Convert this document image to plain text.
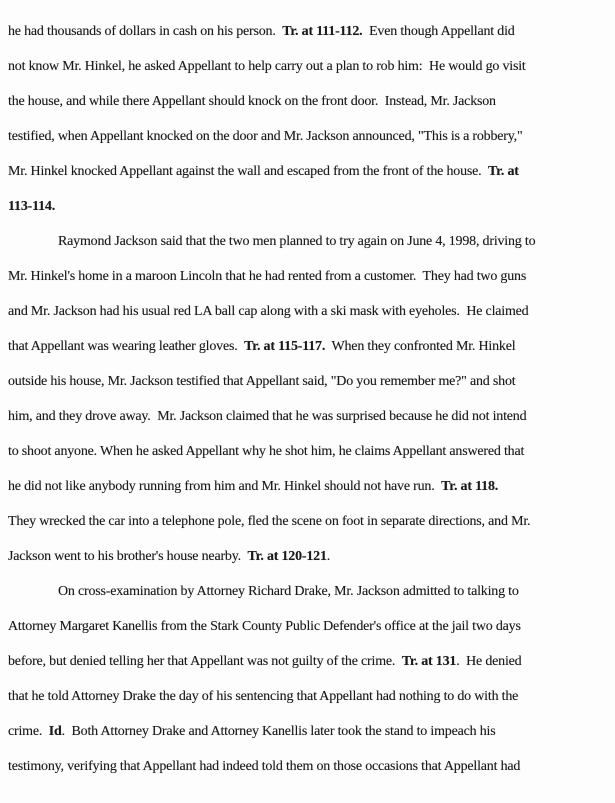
he had thousands of dollars in cash on his person.  Tr. at 111-112.  Even though Appellant did
not know Mr. Hinkel, he asked Appellant to help carry out a plan to rob him:  He would go visit
the house, and while there Appellant should knock on the front door.  Instead, Mr. Jackson
testified, when Appellant knocked on the door and Mr. Jackson announced, "This is a robbery,"
Mr. Hinkel knocked Appellant against the wall and escaped from the front of the house.  Tr. at
113-114.
Raymond Jackson said that the two men planned to try again on June 4, 1998, driving to
Mr. Hinkel's home in a maroon Lincoln that he had rented from a customer.  They had two guns
and Mr. Jackson had his usual red LA ball cap along with a ski mask with eyeholes.  He claimed
that Appellant was wearing leather gloves.  Tr. at 115-117.  When they confronted Mr. Hinkel
outside his house, Mr. Jackson testified that Appellant said, "Do you remember me?" and shot
him, and they drove away.  Mr. Jackson claimed that he was surprised because he did not intend
to shoot anyone. When he asked Appellant why he shot him, he claims Appellant answered that
he did not like anybody running from him and Mr. Hinkel should not have run.  Tr. at 118.
They wrecked the car into a telephone pole, fled the scene on foot in separate directions, and Mr.
Jackson went to his brother's house nearby.  Tr. at 120-121.
On cross-examination by Attorney Richard Drake, Mr. Jackson admitted to talking to
Attorney Margaret Kanellis from the Stark County Public Defender's office at the jail two days
before, but denied telling her that Appellant was not guilty of the crime.  Tr. at 131.  He denied
that he told Attorney Drake the day of his sentencing that Appellant had nothing to do with the
crime.  Id.  Both Attorney Drake and Attorney Kanellis later took the stand to impeach his
testimony, verifying that Appellant had indeed told them on those occasions that Appellant had
